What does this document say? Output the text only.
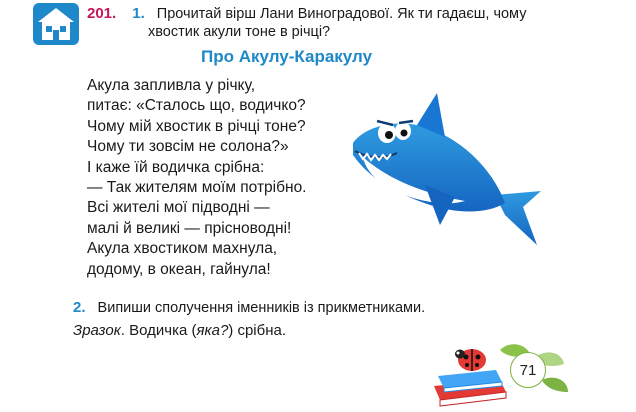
201. 1. Прочитай вірш Лани Виноградової. Як ти гадаєш, чому
хвостик акули тоне в річці?
Про Акулу-Каракулу
Акула запливла у річку,
питає: «Сталось що, водичко?
Чому мій хвостик в річці тоне?
Чому ти зовсім не солона?»
І каже їй водичка срібна:
— Так жителям моїм потрібно.
Всі жителі мої підводні —
малі й великі — прісноводні!
Акула хвостиком махнула,
додому, в океан, гайнула!
2. Випиши сполучення іменників із прикметниками.
Зразок. Водичка (яка?) срібна.
71
